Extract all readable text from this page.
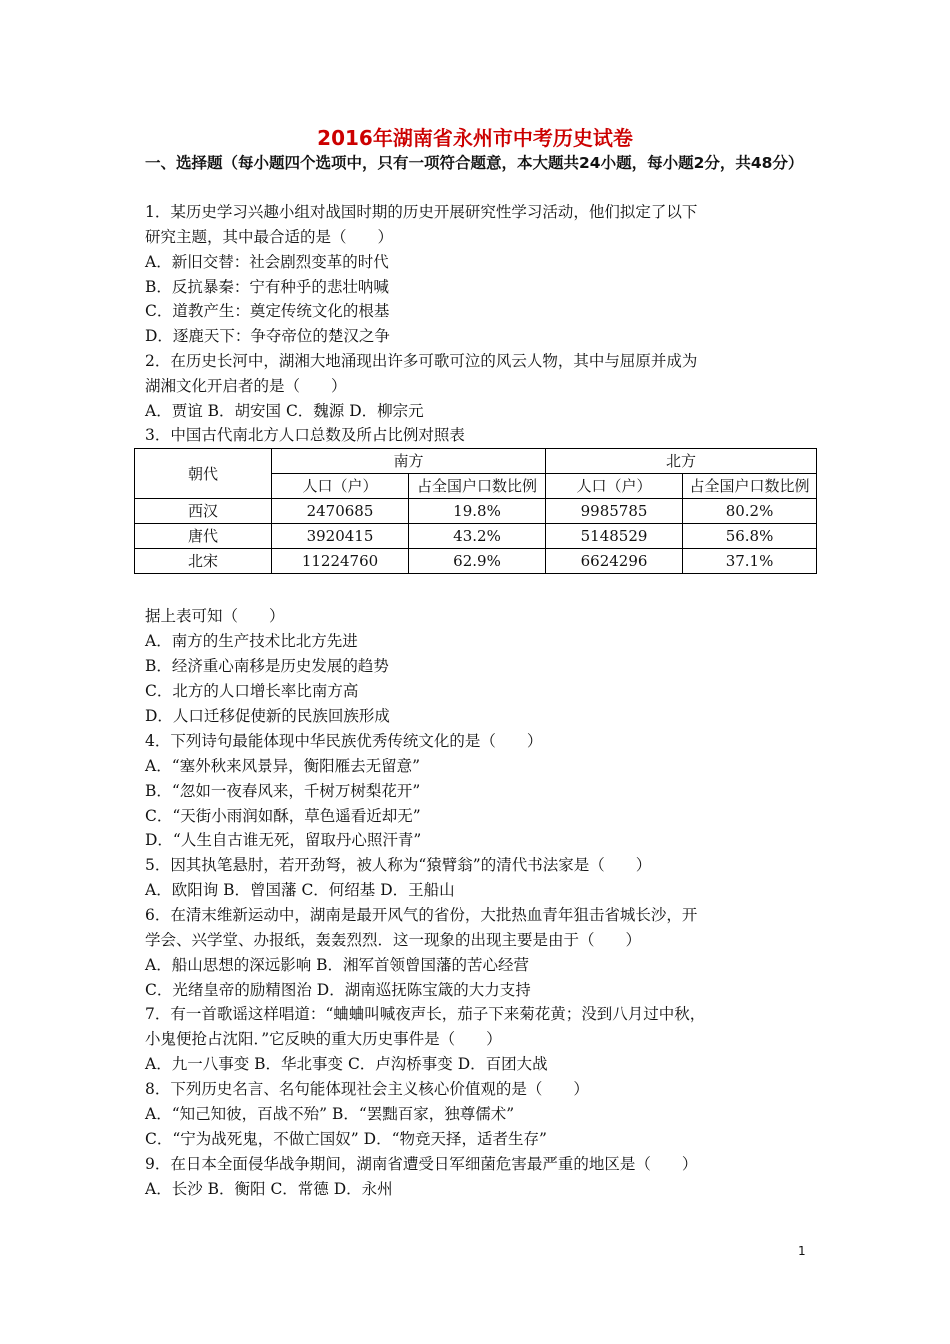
2016年湖南省永州市中考历史试卷
一、选择题（每小题四个选项中，只有一项符合题意，本大题共24小题，每小题2分，共48分）
1．某历史学习兴趣小组对战国时期的历史开展研究性学习活动，他们拟定了以下
研究主题，其中最合适的是（　　）
A．新旧交替：社会剧烈变革的时代
B．反抗暴秦：宁有种乎的悲壮呐喊
C．道教产生：奠定传统文化的根基
D．逐鹿天下：争夺帝位的楚汉之争
2．在历史长河中，湖湘大地涌现出许多可歌可泣的风云人物，其中与屈原并成为
湖湘文化开启者的是（　　）
A．贾谊 B．胡安国 C．魏源 D．柳宗元
3．中国古代南北方人口总数及所占比例对照表
朝代	南方		北方	
	人口（户）	占全国户口数比例	人口（户）	占全国户口数比例
西汉	2470685	19.8%	9985785	80.2%
唐代	3920415	43.2%	5148529	56.8%
北宋	11224760	62.9%	6624296	37.1%
据上表可知（　　）
A．南方的生产技术比北方先进
B．经济重心南移是历史发展的趋势
C．北方的人口增长率比南方高
D．人口迁移促使新的民族回族形成
4．下列诗句最能体现中华民族优秀传统文化的是（　　）
A．“塞外秋来风景异，衡阳雁去无留意”
B．“忽如一夜春风来，千树万树梨花开”
C．“天街小雨润如酥，草色遥看近却无”
D．“人生自古谁无死，留取丹心照汗青”
5．因其执笔悬肘，若开劲弩，被人称为“猿臂翁”的清代书法家是（　　）
A．欧阳询 B．曾国藩 C．何绍基 D．王船山
6．在清末维新运动中，湖南是最开风气的省份，大批热血青年狙击省城长沙，开
学会、兴学堂、办报纸，轰轰烈烈．这一现象的出现主要是由于（　　）
A．船山思想的深远影响 B．湘军首领曾国藩的苦心经营
C．光绪皇帝的励精图治 D．湖南巡抚陈宝箴的大力支持
7．有一首歌谣这样唱道：“蛐蛐叫喊夜声长，茄子下来菊花黄；没到八月过中秋，
小鬼便抢占沈阳．”它反映的重大历史事件是（　　）
A．九一八事变 B．华北事变 C．卢沟桥事变 D．百团大战
8．下列历史名言、名句能体现社会主义核心价值观的是（　　）
A．“知己知彼，百战不殆” B．“罢黜百家，独尊儒术”
C．“宁为战死鬼，不做亡国奴” D．“物竞天择，适者生存”
9．在日本全面侵华战争期间，湖南省遭受日军细菌危害最严重的地区是（　　）
A．长沙 B．衡阳 C．常德 D．永州
1
